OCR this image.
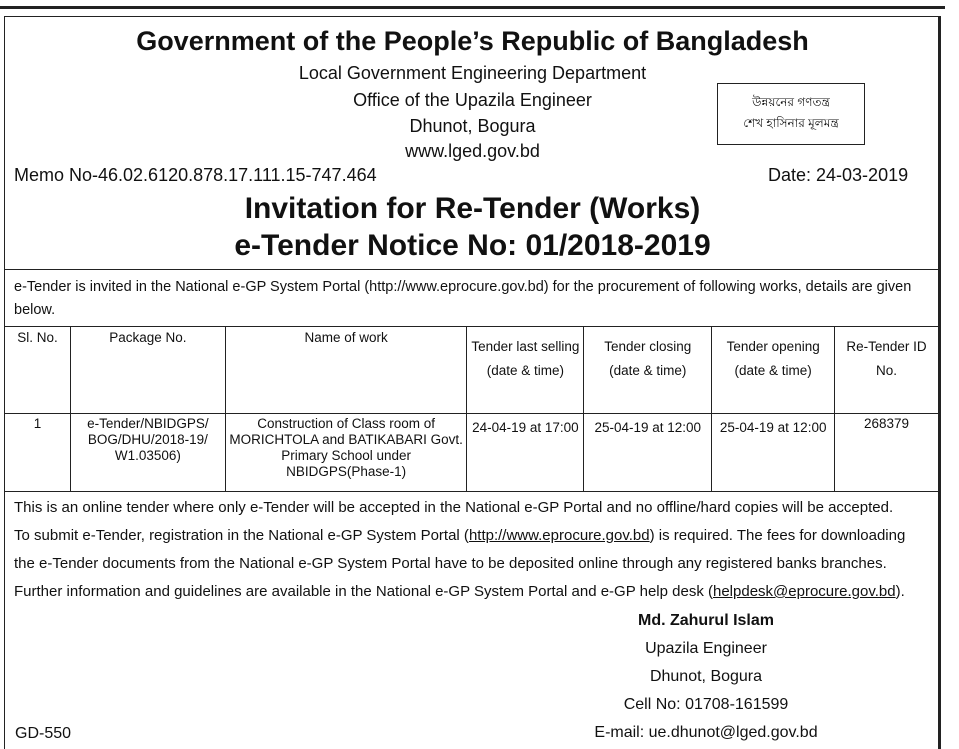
Government of the People’s Republic of Bangladesh
Local Government Engineering Department
Office of the Upazila Engineer
Dhunot, Bogura
www.lged.gov.bd
উন্নয়নের গণতন্ত্র
শেখ হাসিনার মূলমন্ত্র
Memo No-46.02.6120.878.17.111.15-747.464	Date: 24-03-2019
Invitation for Re-Tender (Works)
e-Tender Notice No: 01/2018-2019
e-Tender is invited in the National e-GP System Portal (http://www.eprocure.gov.bd) for the procurement of following works, details are given below.
Sl. No.	Package No.	Name of work	Tender last selling (date & time)	Tender closing (date & time)	Tender opening (date & time)	Re-Tender ID No.

1	e-Tender/NBIDGPS/ BOG/DHU/2018-19/ W1.03506)	Construction of Class room of MORICHTOLA and BATIKABARI Govt. Primary School under NBIDGPS(Phase-1)	24-04-19 at 17:00	25-04-19 at 12:00	25-04-19 at 12:00	268379
This is an online tender where only e-Tender will be accepted in the National e-GP Portal and no offline/hard copies will be accepted.
To submit e-Tender, registration in the National e-GP System Portal (http://www.eprocure.gov.bd) is required. The fees for downloading
the e-Tender documents from the National e-GP System Portal have to be deposited online through any registered banks branches.
Further information and guidelines are available in the National e-GP System Portal and e-GP help desk (helpdesk@eprocure.gov.bd).
Md. Zahurul Islam
Upazila Engineer
Dhunot, Bogura
Cell No: 01708-161599
E-mail: ue.dhunot@lged.gov.bd
GD-550
